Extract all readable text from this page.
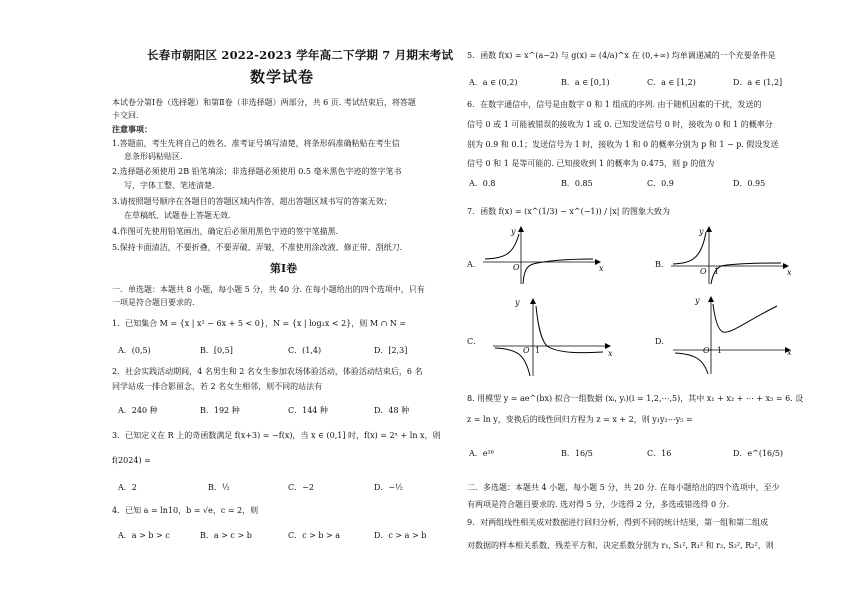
长春市朝阳区 2022-2023 学年高二下学期 7 月期末考试
数学试卷
本试卷分第Ⅰ卷（选择题）和第Ⅱ卷（非选择题）两部分，共 6 页. 考试结束后，将答题
卡交回.
注意事项：
1.答题前，考生先将自己的姓名、准考证号填写清楚，将条形码准确粘贴在考生信
息条形码粘贴区.
2.选择题必须使用 2B 铅笔填涂；非选择题必须使用 0.5 毫米黑色字迹的签字笔书
写，字体工整、笔迹清楚.
3.请按照题号顺序在各题目的答题区域内作答，超出答题区域书写的答案无效；
在草稿纸、试题卷上答题无效.
4.作图可先使用铅笔画出，确定后必须用黑色字迹的签字笔描黑.
5.保持卡面清洁，不要折叠，不要弄破、弄皱，不准使用涂改液、修正带、刮纸刀.
第Ⅰ卷
一．单选题：本题共 8 小题，每小题 5 分，共 40 分. 在每小题给出的四个选项中，只有
一项是符合题目要求的.
1．已知集合 M = {x | x² − 6x + 5 < 0}，N = {x | log₂x < 2}，则 M ∩ N =
A．(0,5)	B．[0,5]	C．(1,4)	D．[2,3]
2．社会实践活动期间，4 名男生和 2 名女生参加农场体验活动，体验活动结束后，6 名
同学站成一排合影留念，若 2 名女生相邻，则不同的站法有
A．240 种	B．192 种	C．144 种	D．48 种
3．已知定义在 R 上的奇函数满足 f(x+3) = −f(x)，当 x ∈ (0,1] 时，f(x) = 2ˣ + ln x，则
f(2024) =
A．2	B．½	C．−2	D．−½
4．已知 a = ln10，b = √e，c = 2，则
A．a > b > c	B．a > c > b	C．c > b > a	D．c > a > b
5．函数 f(x) = x^(a−2) 与 g(x) = (4/a)^x 在 (0,+∞) 均单调递减的一个充要条件是
A．a ∈ (0,2)	B．a ∈ [0,1)	C．a ∈ [1,2)	D．a ∈ (1,2]
6．在数字通信中，信号是由数字 0 和 1 组成的序列. 由于随机因素的干扰，发送的
信号 0 或 1 可能被错误的接收为 1 或 0. 已知发送信号 0 时，接收为 0 和 1 的概率分
别为 0.9 和 0.1；发送信号为 1 时，接收为 1 和 0 的概率分别为 p 和 1 − p. 假设发送
信号 0 和 1 是等可能的. 已知接收到 1 的概率为 0.475，则 p 的值为
A．0.8	B．0.85	C．0.9	D．0.95
7．函数 f(x) = (x^(1/3) − x^(−1)) / |x| 的图象大致为
A．
y
O	x	B．
y
O 1	x
C．
y
O 1	x
D．
y
O 1	x
8. 用模型 y = ae^(bx) 拟合一组数据 (xᵢ, yᵢ)(i = 1,2,⋯,5)，其中 x₁ + x₂ + ⋯ + x₅ = 6. 设
z = ln y，变换后的线性回归方程为 z = x + 2，则 y₁y₂⋯y₅ =
A．e¹⁶	B．16/5	C．16	D．e^(16/5)
二．多选题：本题共 4 小题，每小题 5 分，共 20 分. 在每小题给出的四个选项中，至少
有两项是符合题目要求的. 选对得 5 分，少选得 2 分，多选或错选得 0 分.
9．对两组线性相关成对数据进行回归分析，得到不同的统计结果，第一组和第二组成
对数据的样本相关系数，残差平方和，决定系数分别为 r₁, S₁², R₁² 和 r₂, S₂², R₂²，则
